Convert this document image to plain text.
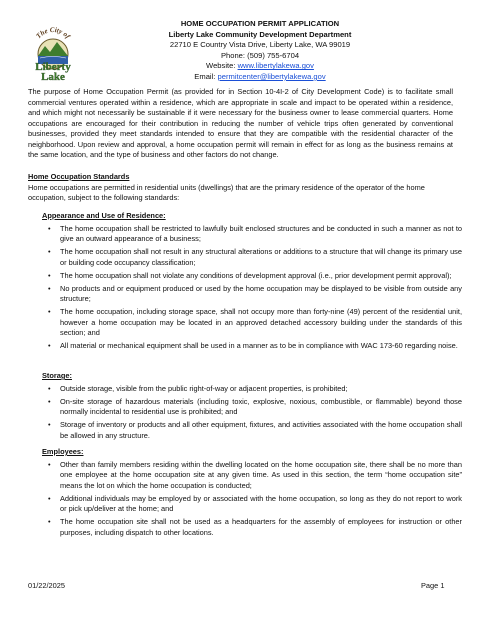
The City of
Liberty
Lake
HOME OCCUPATION PERMIT APPLICATION
Liberty Lake Community Development Department
22710 E Country Vista Drive, Liberty Lake, WA 99019
Phone: (509) 755-6704
Website: www.libertylakewa.gov
Email: permitcenter@libertylakewa.gov

The purpose of Home Occupation Permit (as provided for in Section 10-4I-2 of City Development Code) is to facilitate small commercial ventures operated within a residence, which are appropriate in scale and impact to be operated within a residence, and which might not necessarily be sustainable if it were necessary for the business owner to lease commercial quarters. Home occupations are encouraged for their contribution in reducing the number of vehicle trips often generated by conventional businesses, provided they meet standards intended to ensure that they are compatible with the residential character of the neighborhood. Upon review and approval, a home occupation permit will remain in effect for as long as the business remains at the same location, and the type of business and other factors do not change.

Home Occupation Standards
Home occupations are permitted in residential units (dwellings) that are the primary residence of the operator of the home occupation, subject to the following standards:
Appearance and Use of Residence:
• The home occupation shall be restricted to lawfully built enclosed structures and be conducted in such a manner as not to give an outward appearance of a business;
• The home occupation shall not result in any structural alterations or additions to a structure that will change its primary use or building code occupancy classification;
• The home occupation shall not violate any conditions of development approval (i.e., prior development permit approval);
• No products and or equipment produced or used by the home occupation may be displayed to be visible from outside any structure;
• The home occupation, including storage space, shall not occupy more than forty-nine (49) percent of the residential unit, however a home occupation may be located in an approved detached accessory building under the standards of this section; and
• All material or mechanical equipment shall be used in a manner as to be in compliance with WAC 173-60 regarding noise.
Storage:
• Outside storage, visible from the public right-of-way or adjacent properties, is prohibited;
• On-site storage of hazardous materials (including toxic, explosive, noxious, combustible, or flammable) beyond those normally incidental to residential use is prohibited; and
• Storage of inventory or products and all other equipment, fixtures, and activities associated with the home occupation shall be allowed in any structure.
Employees:
• Other than family members residing within the dwelling located on the home occupation site, there shall be no more than one employee at the home occupation site at any given time. As used in this section, the term “home occupation site” means the lot on which the home occupation is conducted;
• Additional individuals may be employed by or associated with the home occupation, so long as they do not report to work or pick up/deliver at the home; and
• The home occupation site shall not be used as a headquarters for the assembly of employees for instruction or other purposes, including dispatch to other locations.
01/22/2025	Page 1
